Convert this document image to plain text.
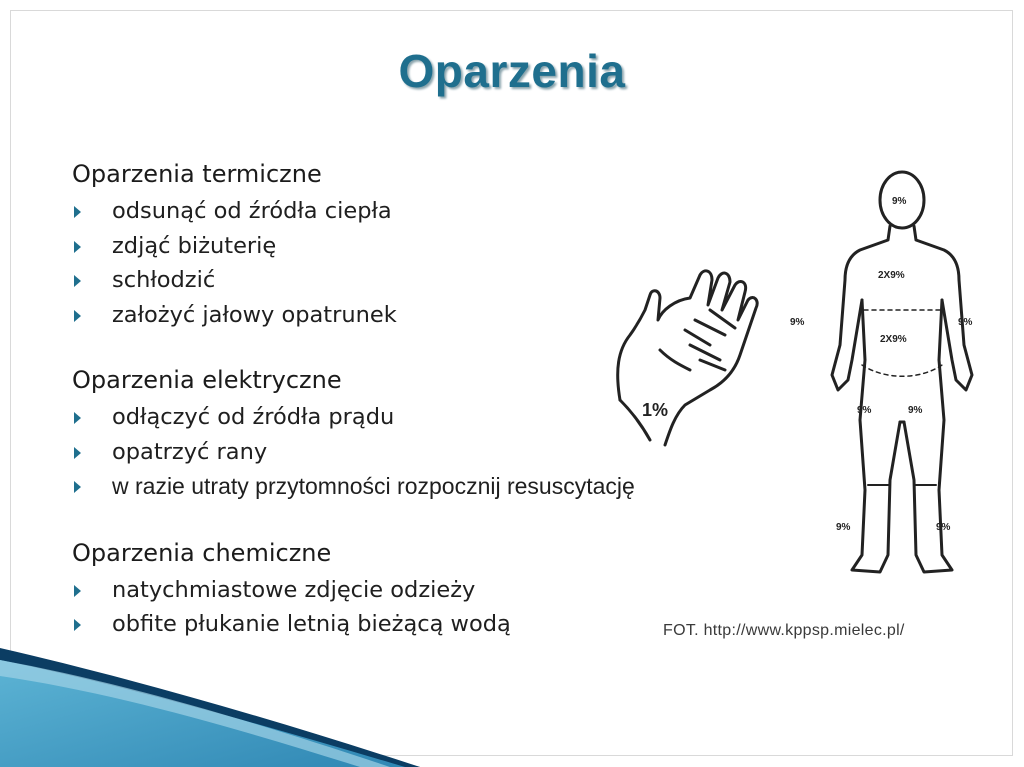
Oparzenia
Oparzenia termiczne
odsunąć od źródła ciepła
zdjąć biżuterię
schłodzić
założyć jałowy opatrunek
Oparzenia elektryczne
odłączyć od źródła prądu
opatrzyć rany
w razie utraty przytomności rozpocznij resuscytację
Oparzenia chemiczne
natychmiastowe zdjęcie odzieży
obfite płukanie letnią bieżącą wodą
1%
9%
2X9%
2X9%
9%	9%
9%	9%
9%	9%
FOT. http://www.kppsp.mielec.pl/
